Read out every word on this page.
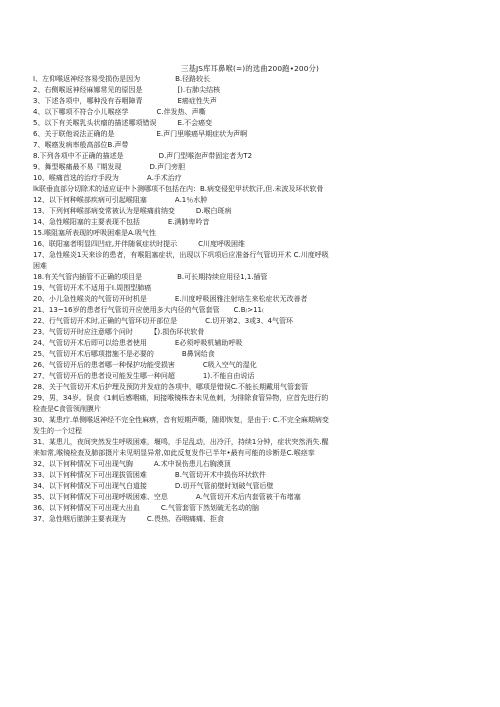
三基JS库耳鼻喉(=)的选曲200跑•200分)
I、左仰喉返神经容易受损伤是因为　　　　　B.径路较长
2、右侧喉返神经麻娜常见的原因是　　　　　[).右肺尖结核
3、下述各项中，哪种没有吞咽障青　　　　　E癌症性失声
4、以下哪项不符合小儿喉痉学　　　　C.伴发热、声嘶
5、以下有关喉乳头状瘤的描述哪项错误　　　E.不会癌变
6、关于联他说法正确的是　　　　　　E.声门里喉癌早期症状为声啊
7、喉癌发病率般高部位B.声带
8.下列各项中不正确的描述是　　　　　D.声门型喉泡声带固定者为T2
9、舞型喉痛最不易『期发现　　　　D.声门旁胆
10、喉痛首选的治疗手段为　　　　A.手术治疗
lk联垂直部分切除术的适应证中卜测哪项不包括在内：B.病变侵犯甲状软汗,但.未波及环状软骨
12、以下何种喉部疾病可引起喉阻塞　　　　A.1％水肿
13、下列何种喉部病变常被认为是喉痛前纳变　　　D.喉白斑病
14、急性喉阳塞的主要表现不包括　　　　E.满肺卑吟音
15.喉阻塞所表现的呼吸困难是A.吸气性
16、联阳塞者明显四凹症,并伴随氧症状时提示　　　C川度呼吸困维
17、急性喉炎1天来诊的患者，有喉阻塞症状，出现以下巩项后应准备行气管切开术 C.川度呼吸
困难
18.有关气管内插管不正确的项目是　　　　　B.可长期持续应用径1,1.插管
19、气管切开术不适用于I.周围型肺癌
20、小儿急性喉炎的气管切开时机是　　　　E.川度呼吸困雅注射培生来松症状无改善者
21、13~16岁的患者行气管切开应使用多大内径的气管套管　　C.B₍>11₍
22、行气管切开术时,正确的气管环切开部位是　　　　C.切开第2、3或3、4气管环
23、气管切开时应注意哪个问时　　　【).损伤环状软骨
24、气管切开术后即可以给患者使用　　　　E必须呼吸机辅助呼吸
25、气管切开术后哪项措施不是必要的　　　　B鼻饲给食
26、气管切开后的患者哪一种保护功能受损害　　　　C吸入空气的湿化
27、气管切开后的患者设可能发生哪一种问超　　　　1).不能自由说话
28、关于气管切开术后护理及预防并发症的各项中，哪项是错误C.不能长期戴用气管套管
29、男，34岁。误食《1刺后感咽痛，间接喉镜株杳未见鱼刺，为排除食管异物，应首先进行的
检查是C食管领削膜片
30、某患疔.单侧喉返神经不完全性麻痹，音有短期声嘶，随即恢复，是由于: C.不完全麻期病变
发生的一个过程
31、某患儿，夜间突然发生呼吸困难，堰鸣，手足乱动，出冷汗，持续1分钟，症状突然消失.醒
来如常,喉镜检查及肺部摄片未见明显异常,如此反复发作已半年•最有可能的诊断是C.喉痉挛
32、以下何种情况下可出现气胸　　　A.术中误伤患儿右胸漠顶
33、以下何种情况下可出现拔管困难　　　　B.气管切开术中损伤环状软件
34、以下何种情况下可出现气白道接　　　　D.切开气管前壁时划破气管后壁
35、以下何种情况下可出现呼吸困难、空息　　　　A.气管切开术后内套管被干布堵塞
36、以下何种情况下可出现大出血　　　C.气管套管下然划破无名动的脑
37、急性咽后脓肿主要表现为　　　C.畏热、吞咽痛痛、拒食
